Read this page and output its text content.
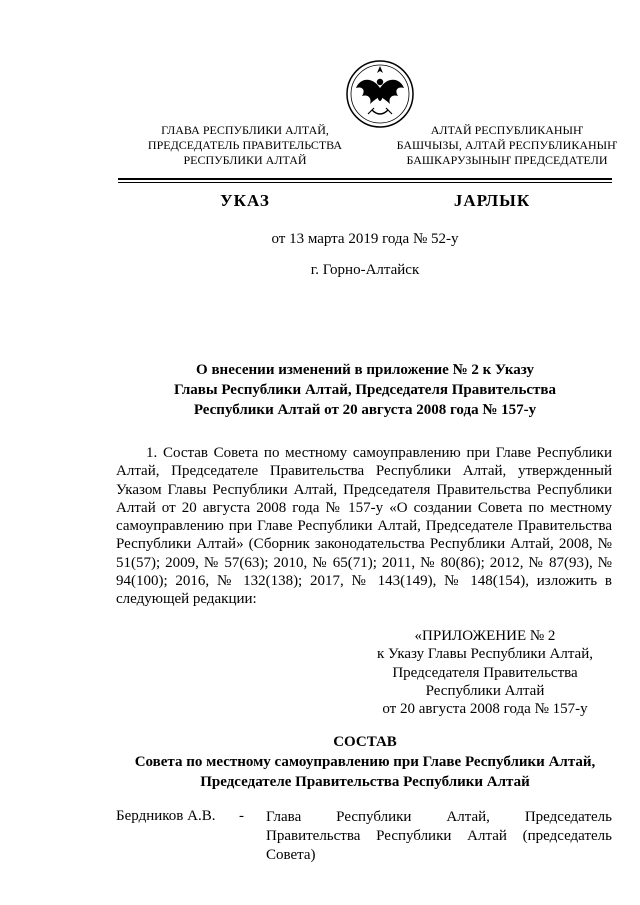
ГЛАВА РЕСПУБЛИКИ АЛТАЙ,
ПРЕДСЕДАТЕЛЬ ПРАВИТЕЛЬСТВА
РЕСПУБЛИКИ АЛТАЙ
АЛТАЙ РЕСПУБЛИКАНЫҤ
БАШЧЫЗЫ, АЛТАЙ РЕСПУБЛИКАНЫҤ
БАШКАРУЗЫНЫҤ ПРЕДСЕДАТЕЛИ
УКАЗ	ЈАРЛЫК
от 13 марта 2019 года № 52-у
г. Горно-Алтайск
О внесении изменений в приложение № 2 к Указу
Главы Республики Алтай, Председателя Правительства
Республики Алтай от 20 августа 2008 года № 157-у

1. Состав Совета по местному самоуправлению при Главе Республики Алтай, Председателе Правительства Республики Алтай, утвержденный Указом Главы Республики Алтай, Председателя Правительства Республики Алтай от 20 августа 2008 года № 157-у «О создании Совета по местному самоуправлению при Главе Республики Алтай, Председателе Правительства Республики Алтай» (Сборник законодательства Республики Алтай, 2008, № 51(57); 2009, № 57(63); 2010, № 65(71); 2011, № 80(86); 2012, № 87(93), № 94(100); 2016, № 132(138); 2017, № 143(149), № 148(154), изложить в следующей редакции:

«ПРИЛОЖЕНИЕ № 2
к Указу Главы Республики Алтай,
Председателя Правительства
Республики Алтай
от 20 августа 2008 года № 157-у
СОСТАВ
Совета по местному самоуправлению при Главе Республики Алтай,
Председателе Правительства Республики Алтай
Бердников А.В. - Глава Республики Алтай, Председатель Правительства Республики Алтай (председатель Совета)
